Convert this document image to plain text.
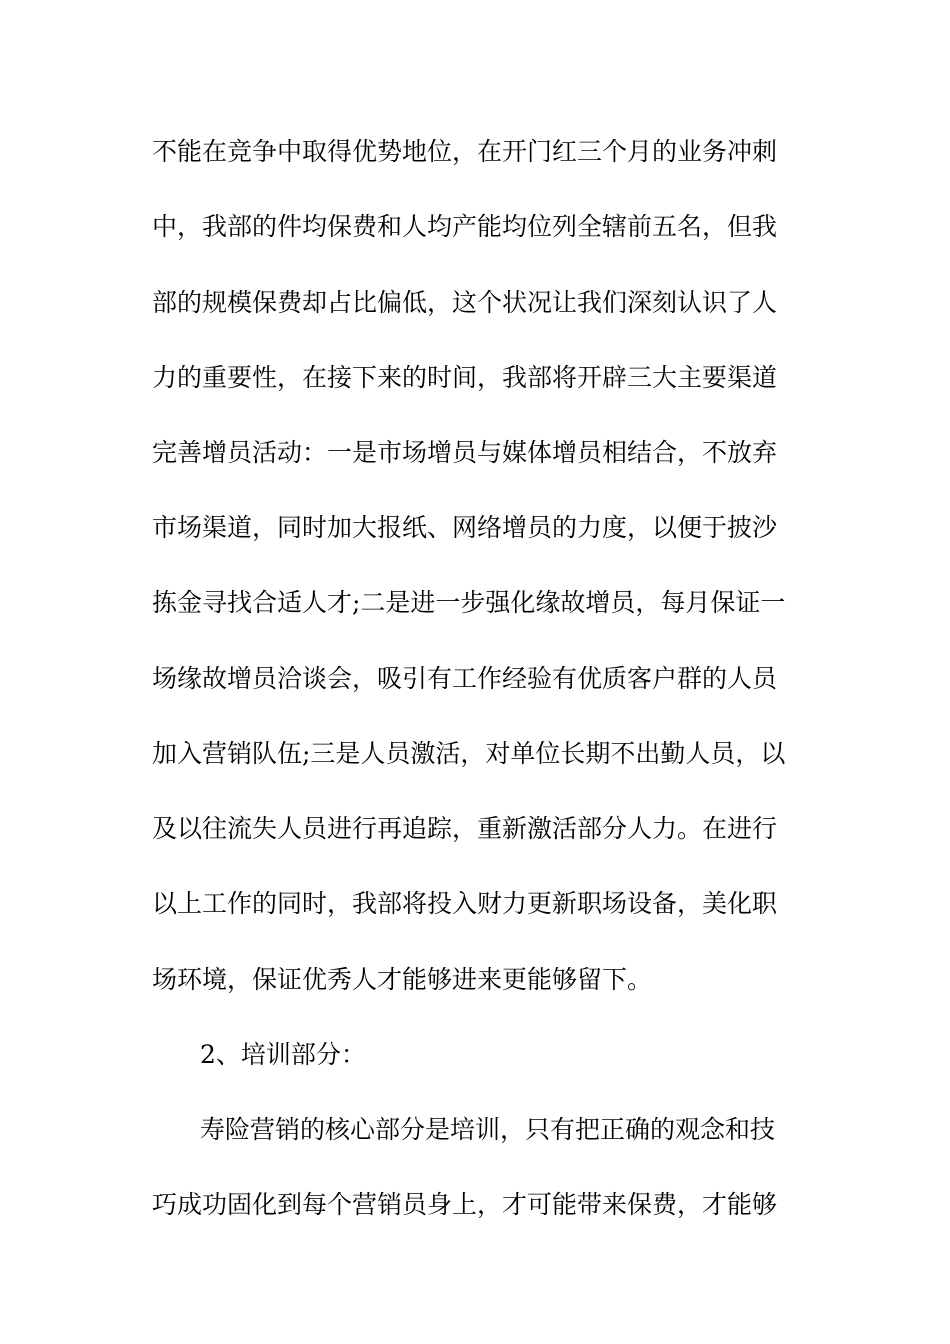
不能在竞争中取得优势地位，在开门红三个月的业务冲刺
中，我部的件均保费和人均产能均位列全辖前五名，但我
部的规模保费却占比偏低，这个状况让我们深刻认识了人
力的重要性，在接下来的时间，我部将开辟三大主要渠道
完善增员活动：一是市场增员与媒体增员相结合，不放弃
市场渠道，同时加大报纸、网络增员的力度，以便于披沙
拣金寻找合适人才;二是进一步强化缘故增员，每月保证一
场缘故增员洽谈会，吸引有工作经验有优质客户群的人员
加入营销队伍;三是人员激活，对单位长期不出勤人员，以
及以往流失人员进行再追踪，重新激活部分人力。在进行
以上工作的同时，我部将投入财力更新职场设备，美化职
场环境，保证优秀人才能够进来更能够留下。
2、培训部分：
寿险营销的核心部分是培训，只有把正确的观念和技
巧成功固化到每个营销员身上，才可能带来保费，才能够
